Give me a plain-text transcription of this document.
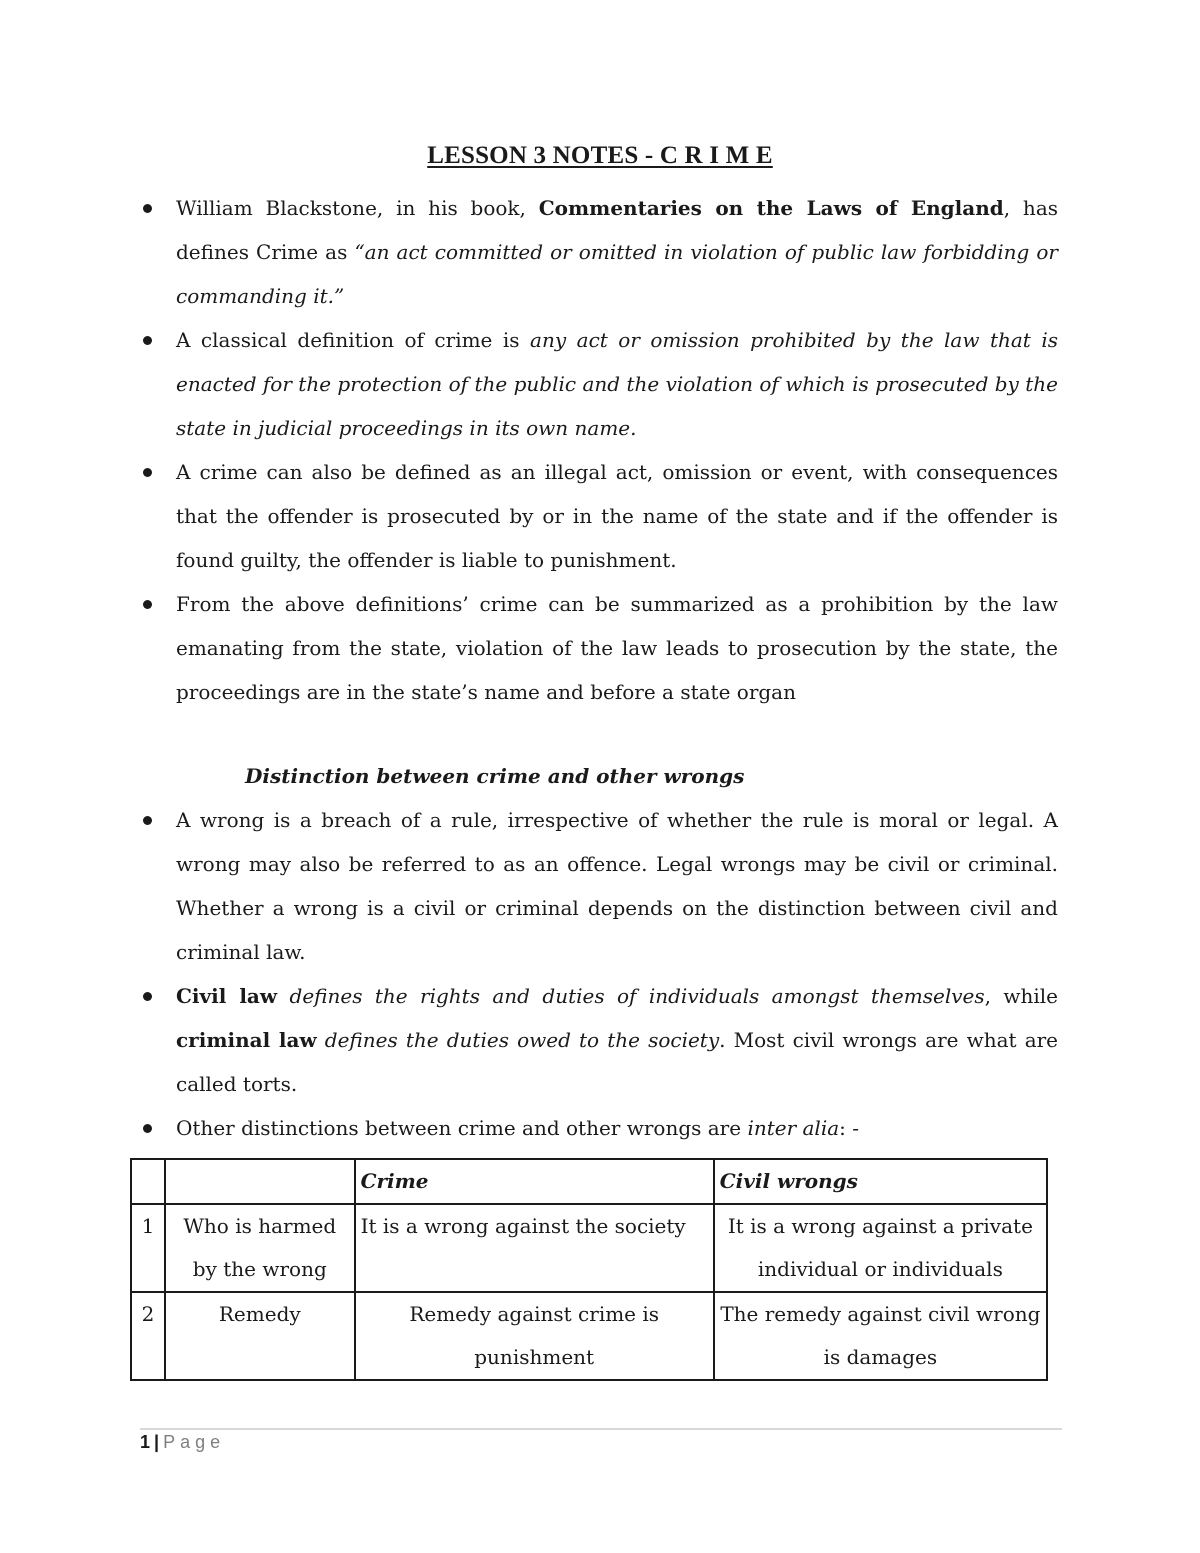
LESSON 3 NOTES - C R I M E
William Blackstone, in his book, Commentaries on the Laws of England, has defines Crime as “an act committed or omitted in violation of public law forbidding or commanding it.”
A classical definition of crime is any act or omission prohibited by the law that is enacted for the protection of the public and the violation of which is prosecuted by the state in judicial proceedings in its own name.
A crime can also be defined as an illegal act, omission or event, with consequences that the offender is prosecuted by or in the name of the state and if the offender is found guilty, the offender is liable to punishment.
From the above definitions’ crime can be summarized as a prohibition by the law emanating from the state, violation of the law leads to prosecution by the state, the proceedings are in the state’s name and before a state organ
Distinction between crime and other wrongs
A wrong is a breach of a rule, irrespective of whether the rule is moral or legal. A wrong may also be referred to as an offence. Legal wrongs may be civil or criminal. Whether a wrong is a civil or criminal depends on the distinction between civil and criminal law.
Civil law defines the rights and duties of individuals amongst themselves, while criminal law defines the duties owed to the society. Most civil wrongs are what are called torts.
Other distinctions between crime and other wrongs are inter alia: -
		Crime	Civil wrongs
1	Who is harmed by the wrong	It is a wrong against the society	It is a wrong against a private individual or individuals
2	Remedy	Remedy against crime is punishment	The remedy against civil wrong is damages
1 | Page
